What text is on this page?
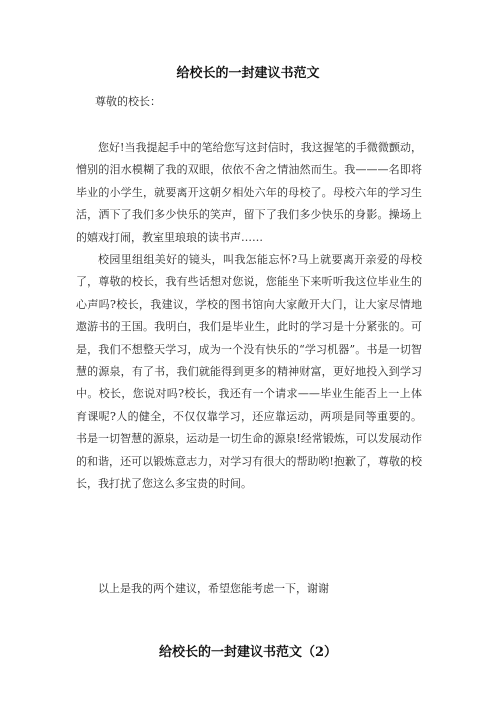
给校长的一封建议书范文
尊敬的校长：

您好!当我提起手中的笔给您写这封信时，我这握笔的手微微颤动，憎别的泪水模糊了我的双眼，依依不舍之情油然而生。我———名即将毕业的小学生，就要离开这朝夕相处六年的母校了。母校六年的学习生活，洒下了我们多少快乐的笑声，留下了我们多少快乐的身影。操场上的嬉戏打闹，教室里琅琅的读书声……

校园里组组美好的镜头，叫我怎能忘怀?马上就要离开亲爱的母校了，尊敬的校长，我有些话想对您说，您能坐下来听听我这位毕业生的心声吗?校长，我建议，学校的图书馆向大家敞开大门，让大家尽情地遨游书的王国。我明白，我们是毕业生，此时的学习是十分紧张的。可是，我们不想整天学习，成为一个没有快乐的“学习机器”。书是一切智慧的源泉，有了书，我们就能得到更多的精神财富，更好地投入到学习中。校长，您说对吗?校长，我还有一个请求——毕业生能否上一上体育课呢?人的健全，不仅仅靠学习，还应靠运动，两项是同等重要的。书是一切智慧的源泉，运动是一切生命的源泉!经常锻炼，可以发展动作的和谐，还可以锻炼意志力，对学习有很大的帮助哟!抱歉了，尊敬的校长，我打扰了您这么多宝贵的时间。

以上是我的两个建议，希望您能考虑一下，谢谢

给校长的一封建议书范文（2）
